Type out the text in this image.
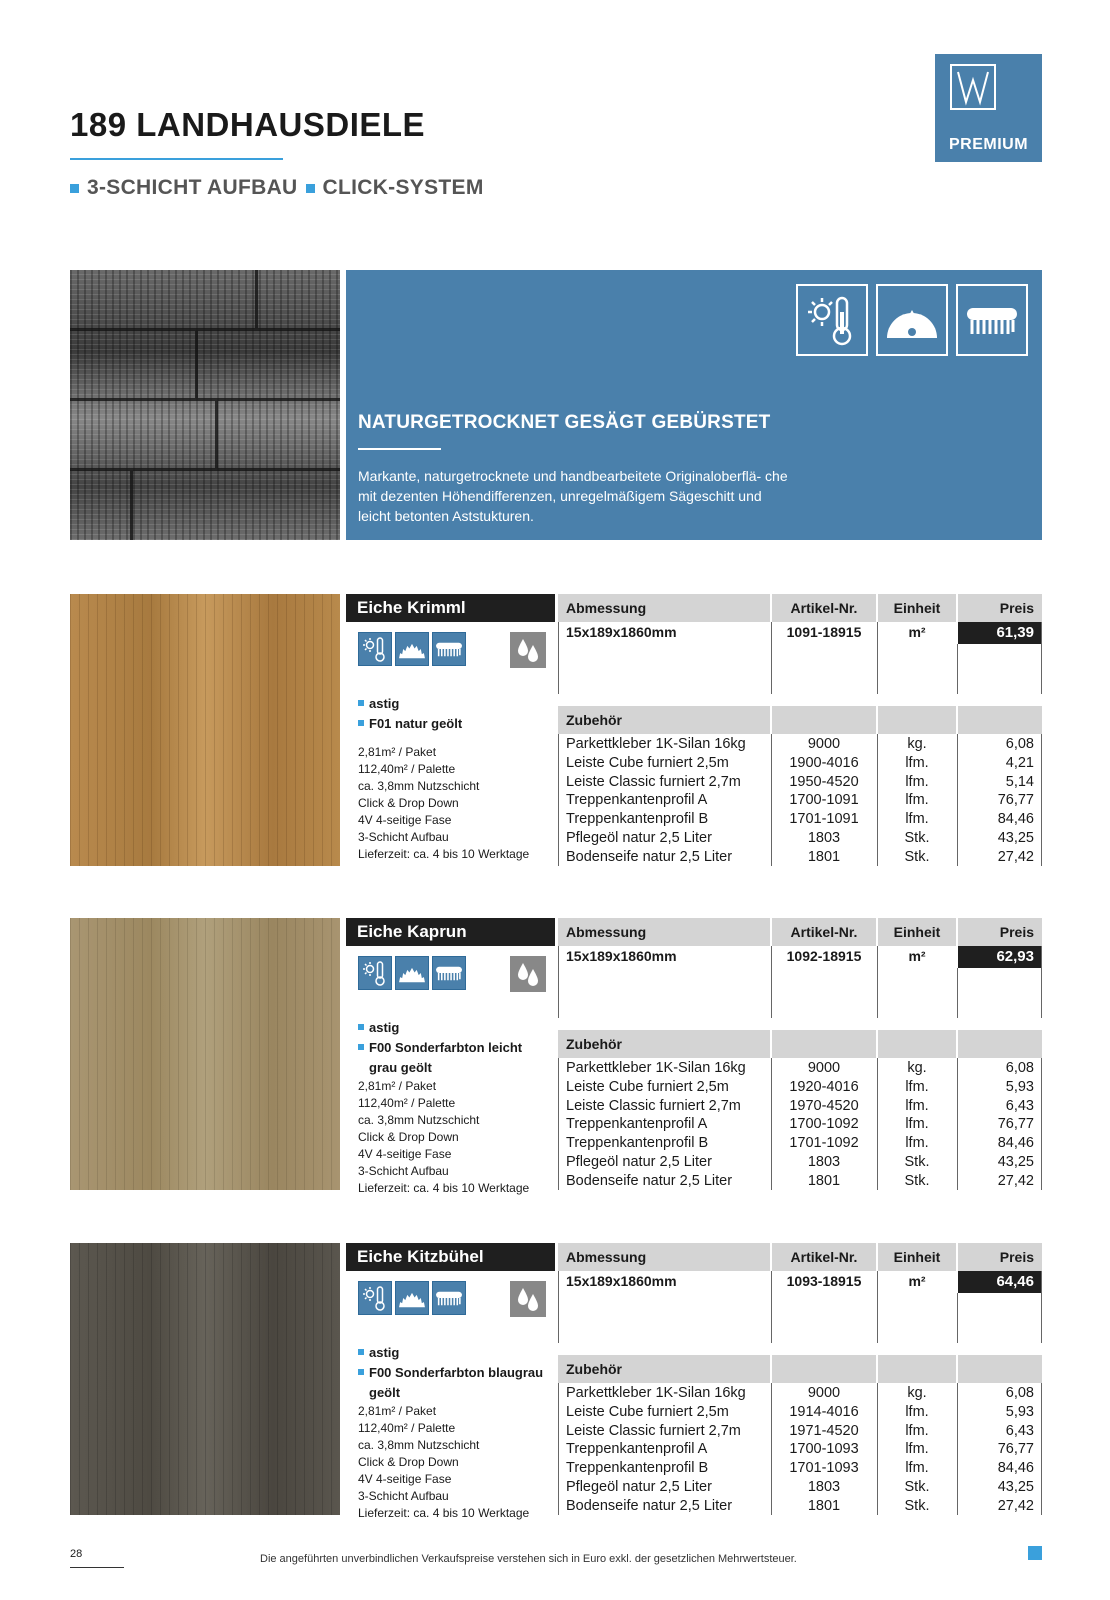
189 LANDHAUSDIELE
3-SCHICHT AUFBAU CLICK-SYSTEM
PREMIUM
NATURGETROCKNET GESÄGT GEBÜRSTET
Markante, naturgetrocknete und handbearbeitete Originaloberflä- che mit dezenten Höhendifferenzen, unregelmäßigem Sägeschitt und leicht betonten Aststukturen.
Eiche Krimml
astig
F01 natur geölt
2,81m² / Paket
112,40m² / Palette
ca. 3,8mm Nutzschicht
Click & Drop Down
4V 4-seitige Fase
3-Schicht Aufbau
Lieferzeit: ca. 4 bis 10 Werktage
Abmessung	Artikel-Nr.	Einheit	Preis
15x189x1860mm	1091-18915	m²	61,39
Zubehör
Parkettkleber 1K-Silan 16kg	9000	kg.	6,08
Leiste Cube furniert 2,5m	1900-4016	lfm.	4,21
Leiste Classic furniert 2,7m	1950-4520	lfm.	5,14
Treppenkantenprofil A	1700-1091	lfm.	76,77
Treppenkantenprofil B	1701-1091	lfm.	84,46
Pflegeöl natur 2,5 Liter	1803	Stk.	43,25
Bodenseife natur 2,5 Liter	1801	Stk.	27,42
Eiche Kaprun
astig
F00 Sonderfarbton leicht grau geölt
2,81m² / Paket
112,40m² / Palette
ca. 3,8mm Nutzschicht
Click & Drop Down
4V 4-seitige Fase
3-Schicht Aufbau
Lieferzeit: ca. 4 bis 10 Werktage
Abmessung	Artikel-Nr.	Einheit	Preis
15x189x1860mm	1092-18915	m²	62,93
Zubehör
Parkettkleber 1K-Silan 16kg	9000	kg.	6,08
Leiste Cube furniert 2,5m	1920-4016	lfm.	5,93
Leiste Classic furniert 2,7m	1970-4520	lfm.	6,43
Treppenkantenprofil A	1700-1092	lfm.	76,77
Treppenkantenprofil B	1701-1092	lfm.	84,46
Pflegeöl natur 2,5 Liter	1803	Stk.	43,25
Bodenseife natur 2,5 Liter	1801	Stk.	27,42
Eiche Kitzbühel
astig
F00 Sonderfarbton blaugrau geölt
2,81m² / Paket
112,40m² / Palette
ca. 3,8mm Nutzschicht
Click & Drop Down
4V 4-seitige Fase
3-Schicht Aufbau
Lieferzeit: ca. 4 bis 10 Werktage
Abmessung	Artikel-Nr.	Einheit	Preis
15x189x1860mm	1093-18915	m²	64,46
Zubehör
Parkettkleber 1K-Silan 16kg	9000	kg.	6,08
Leiste Cube furniert 2,5m	1914-4016	lfm.	5,93
Leiste Classic furniert 2,7m	1971-4520	lfm.	6,43
Treppenkantenprofil A	1700-1093	lfm.	76,77
Treppenkantenprofil B	1701-1093	lfm.	84,46
Pflegeöl natur 2,5 Liter	1803	Stk.	43,25
Bodenseife natur 2,5 Liter	1801	Stk.	27,42
28	Die angeführten unverbindlichen Verkaufspreise verstehen sich in Euro exkl. der gesetzlichen Mehrwertsteuer.
